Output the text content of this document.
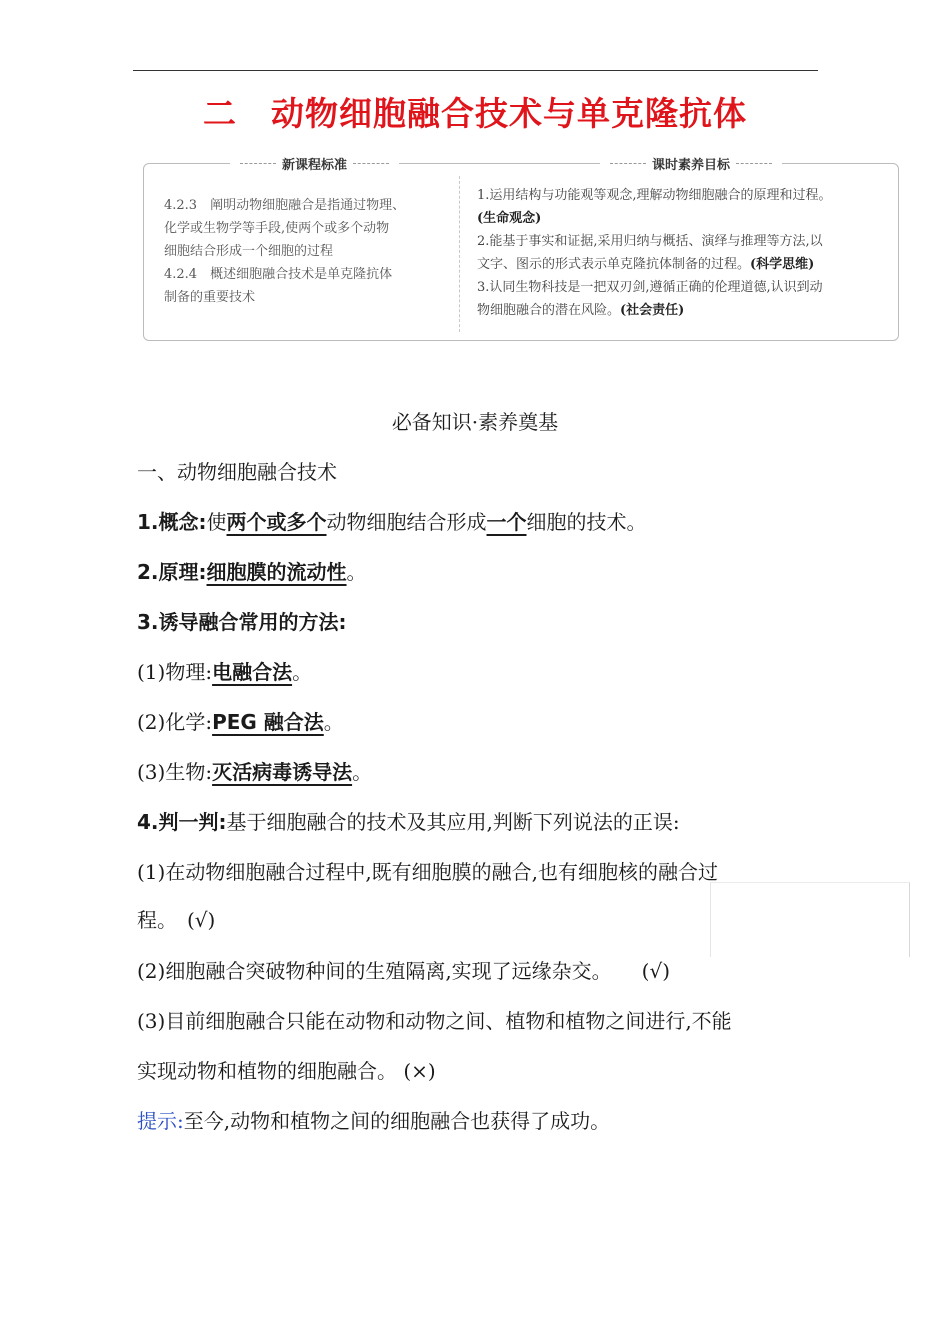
二 动物细胞融合技术与单克隆抗体
新课程标准	课时素养目标
4.2.3　阐明动物细胞融合是指通过物理、
化学或生物学等手段,使两个或多个动物
细胞结合形成一个细胞的过程
4.2.4　概述细胞融合技术是单克隆抗体
制备的重要技术
1.运用结构与功能观等观念,理解动物细胞融合的原理和过程。
(生命观念)
2.能基于事实和证据,采用归纳与概括、演绎与推理等方法,以
文字、图示的形式表示单克隆抗体制备的过程。(科学思维)
3.认同生物科技是一把双刃剑,遵循正确的伦理道德,认识到动
物细胞融合的潜在风险。(社会责任)
必备知识·素养奠基
一、动物细胞融合技术
1.概念:使两个或多个动物细胞结合形成一个细胞的技术。
2.原理:细胞膜的流动性。
3.诱导融合常用的方法:
(1)物理:电融合法。
(2)化学:PEG 融合法。
(3)生物:灭活病毒诱导法。
4.判一判:基于细胞融合的技术及其应用,判断下列说法的正误:
(1)在动物细胞融合过程中,既有细胞膜的融合,也有细胞核的融合过
程。　(√)
(2)细胞融合突破物种间的生殖隔离,实现了远缘杂交。　　(√)
(3)目前细胞融合只能在动物和动物之间、植物和植物之间进行,不能
实现动物和植物的细胞融合。 (×)
提示:至今,动物和植物之间的细胞融合也获得了成功。
